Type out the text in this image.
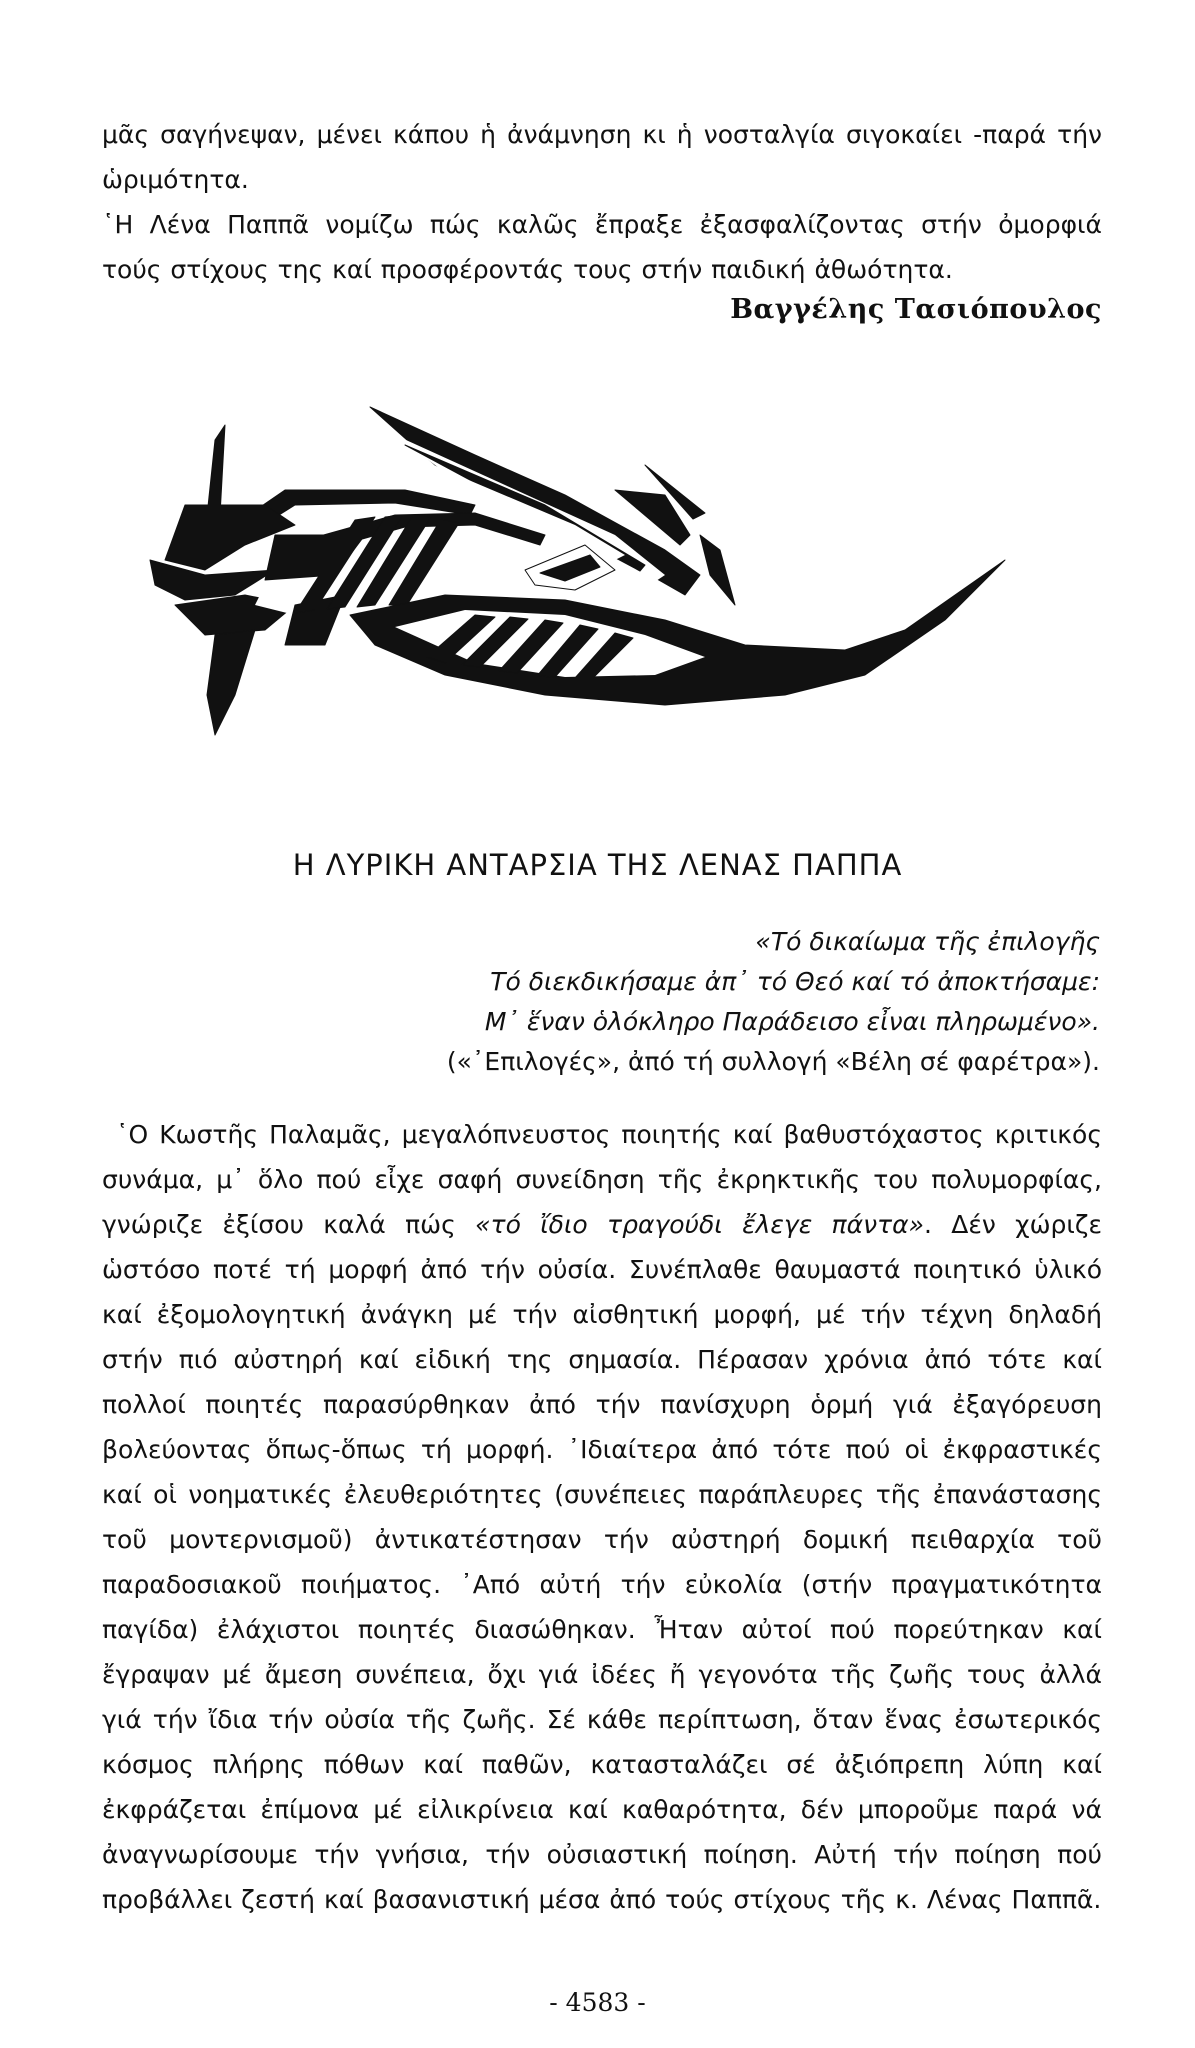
μᾶς σαγήνεψαν, μένει κάπου ἡ ἀνάμνηση κι ἡ νοσταλγία σιγοκαίει -παρά τήν ὡριμότητα.

῾Η Λένα Παππᾶ νομίζω πώς καλῶς ἔπραξε ἐξασφαλίζοντας στήν ὀμορφιά τούς στίχους της καί προσφέροντάς τους στήν παιδική ἀθωότητα.

Βαγγέλης Τασιόπουλος
Η ΛΥΡΙΚΗ ΑΝΤΑΡΣΙΑ ΤΗΣ ΛΕΝΑΣ ΠΑΠΠΑ
«Τό δικαίωμα τῆς ἐπιλογῆς
Τό διεκδικήσαμε ἀπ᾽ τό Θεό καί τό ἀποκτήσαμε:
Μ᾽ ἕναν ὁλόκληρο Παράδεισο εἶναι πληρωμένο».
(«᾽Επιλογές», ἀπό τή συλλογή «Βέλη σέ φαρέτρα»).

῾Ο Κωστῆς Παλαμᾶς, μεγαλόπνευστος ποιητής καί βαθυστόχαστος κριτικός συνάμα, μ᾽ ὅλο πού εἶχε σαφή συνείδηση τῆς ἐκρηκτικῆς του πολυμορφίας, γνώριζε ἐξίσου καλά πώς «τό ἴδιο τραγούδι ἔλεγε πάντα». Δέν χώριζε ὡστόσο ποτέ τή μορφή ἀπό τήν οὐσία. Συνέπλαθε θαυμαστά ποιητικό ὑλικό καί ἐξομολογητική ἀνάγκη μέ τήν αἰσθητική μορφή, μέ τήν τέχνη δηλαδή στήν πιό αὐστηρή καί εἰδική της σημασία. Πέρασαν χρόνια ἀπό τότε καί πολλοί ποιητές παρασύρθηκαν ἀπό τήν πανίσχυρη ὁρμή γιά ἐξαγόρευση βολεύοντας ὅπως-ὅπως τή μορφή. ᾽Ιδιαίτερα ἀπό τότε πού οἱ ἐκφραστικές καί οἱ νοηματικές ἐλευθεριότητες (συνέπειες παράπλευρες τῆς ἐπανάστασης τοῦ μοντερνισμοῦ) ἀντικατέστησαν τήν αὐστηρή δομική πειθαρχία τοῦ παραδοσιακοῦ ποιήματος. ᾽Από αὐτή τήν εὐκολία (στήν πραγματικότητα παγίδα) ἐλάχιστοι ποιητές διασώθηκαν. Ἦταν αὐτοί πού πορεύτηκαν καί ἔγραψαν μέ ἄμεση συνέπεια, ὄχι γιά ἰδέες ἤ γεγονότα τῆς ζωῆς τους ἀλλά γιά τήν ἴδια τήν οὐσία τῆς ζωῆς. Σέ κάθε περίπτωση, ὅταν ἕνας ἐσωτερικός κόσμος πλήρης πόθων καί παθῶν, κατασταλάζει σέ ἀξιόπρεπη λύπη καί ἐκφράζεται ἐπίμονα μέ εἰλικρίνεια καί καθαρότητα, δέν μποροῦμε παρά νά ἀναγνωρίσουμε τήν γνήσια, τήν οὐσιαστική ποίηση. Αὐτή τήν ποίηση πού προβάλλει ζεστή καί βασανιστική μέσα ἀπό τούς στίχους τῆς κ. Λένας Παππᾶ.

- 4583 -
